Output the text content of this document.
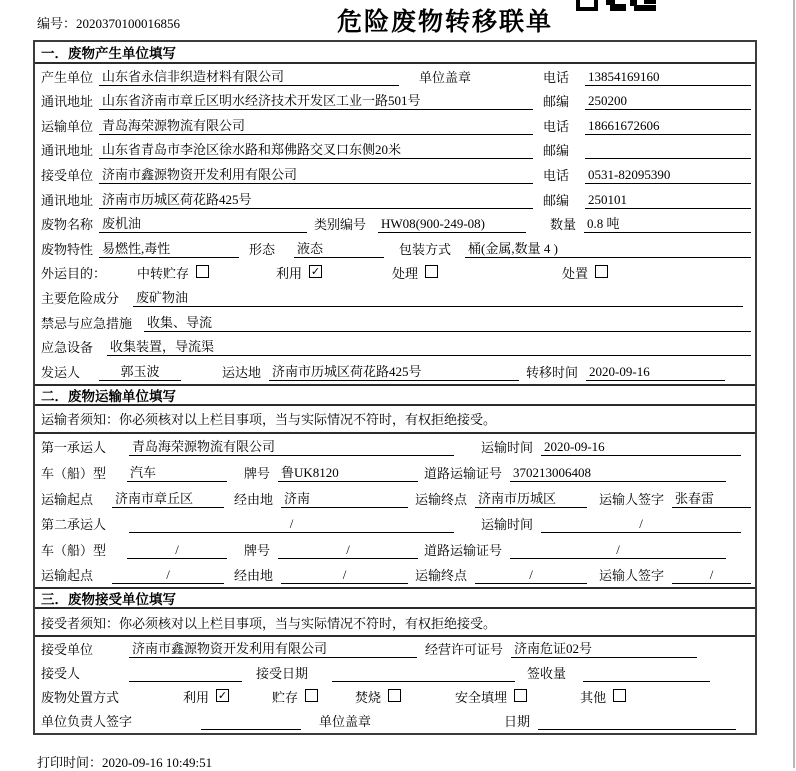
编号：2020370100016856	危险废物转移联单
一．废物产生单位填写
产生单位 山东省永信非织造材料有限公司	单位盖章	电话	13854169160
通讯地址 山东省济南市章丘区明水经济技术开发区工业一路501号	邮编	250200
运输单位 青岛海荣源物流有限公司	电话	18661672606
通讯地址 山东省青岛市李沧区徐水路和郑佛路交叉口东侧20米	邮编
接受单位 济南市鑫源物资开发利用有限公司	电话	0531-82095390
通讯地址 济南市历城区荷花路425号	邮编	250101
废物名称 废机油	类别编号 HW08(900-249-08)	数量 0.8 吨
废物特性 易燃性,毒性	形态 液态	包装方式 桶(金属,数量 4 )
外运目的：	中转贮存	利用 ✓	处理	处置
主要危险成分 废矿物油
禁忌与应急措施 收集、导流
应急设备 收集装置，导流渠
发运人	郭玉波	运达地 济南市历城区荷花路425号	转移时间 2020-09-16
二．废物运输单位填写
运输者须知：你必须核对以上栏目事项，当与实际情况不符时，有权拒绝接受。
第一承运人	青岛海荣源物流有限公司	运输时间 2020-09-16
车（船）型	汽车	牌号 鲁UK8120	道路运输证号 370213006408
运输起点 济南市章丘区	经由地 济南	运输终点 济南市历城区	运输人签字 张春雷
第二承运人	/	运输时间	/
车（船）型	/	牌号	/	道路运输证号	/
运输起点	/	经由地	/	运输终点	/	运输人签字	/
三．废物接受单位填写
接受者须知：你必须核对以上栏目事项，当与实际情况不符时，有权拒绝接受。
接受单位	济南市鑫源物资开发利用有限公司	经营许可证号 济南危证02号
接受人	接受日期	签收量
废物处置方式	利用 ✓	贮存	焚烧	安全填埋	其他
单位负责人签字	单位盖章	日期
打印时间：2020-09-16 10:49:51
